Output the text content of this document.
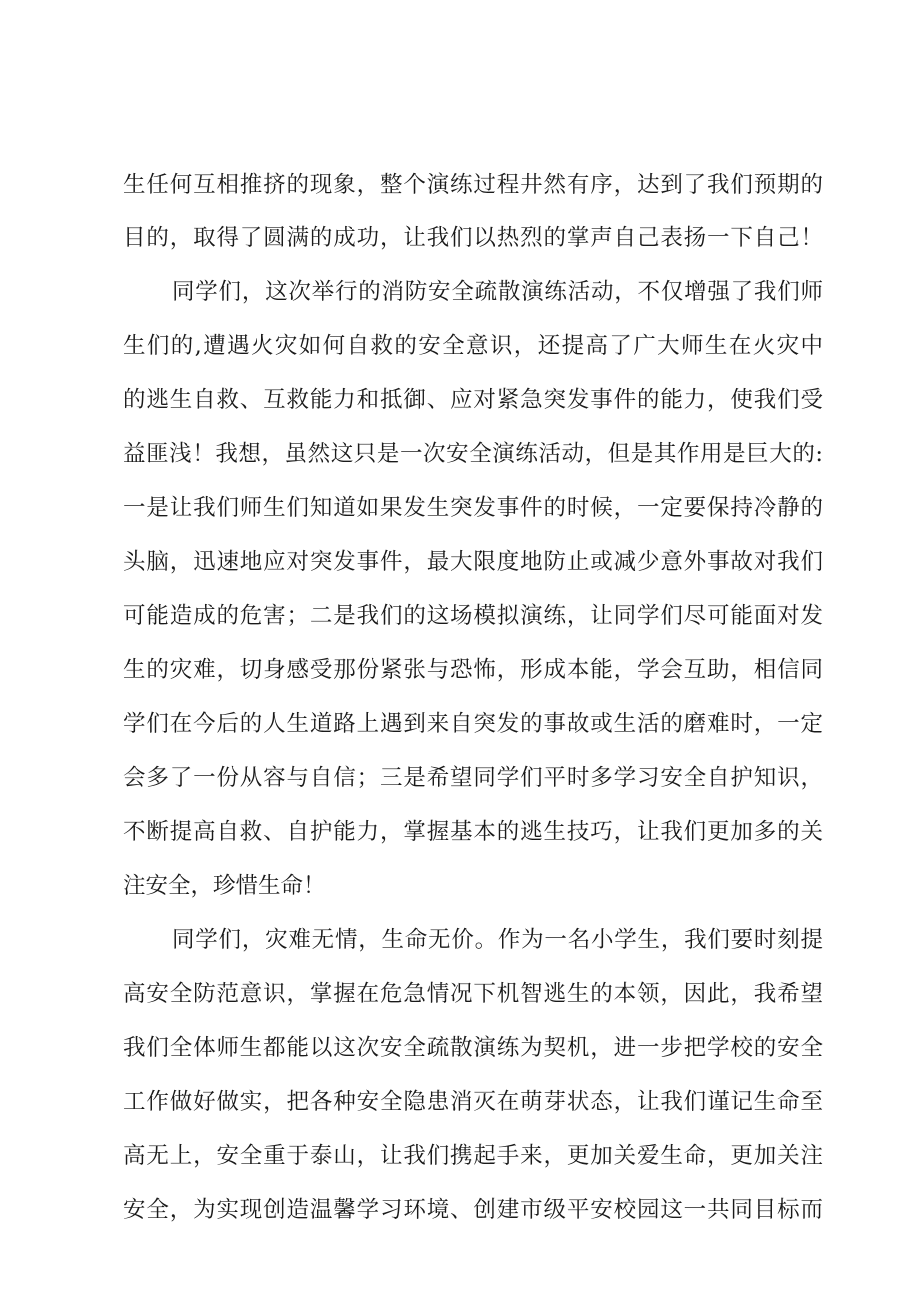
生任何互相推挤的现象，整个演练过程井然有序，达到了我们预期的
目的，取得了圆满的成功，让我们以热烈的掌声自己表扬一下自己！
同学们，这次举行的消防安全疏散演练活动，不仅增强了我们师
生们的,遭遇火灾如何自救的安全意识，还提高了广大师生在火灾中
的逃生自救、互救能力和抵御、应对紧急突发事件的能力，使我们受
益匪浅！我想，虽然这只是一次安全演练活动，但是其作用是巨大的:
一是让我们师生们知道如果发生突发事件的时候，一定要保持冷静的
头脑，迅速地应对突发事件，最大限度地防止或减少意外事故对我们
可能造成的危害；二是我们的这场模拟演练，让同学们尽可能面对发
生的灾难，切身感受那份紧张与恐怖，形成本能，学会互助，相信同
学们在今后的人生道路上遇到来自突发的事故或生活的磨难时，一定
会多了一份从容与自信；三是希望同学们平时多学习安全自护知识，
不断提高自救、自护能力，掌握基本的逃生技巧，让我们更加多的关
注安全，珍惜生命！
同学们，灾难无情，生命无价。作为一名小学生，我们要时刻提
高安全防范意识，掌握在危急情况下机智逃生的本领，因此，我希望
我们全体师生都能以这次安全疏散演练为契机，进一步把学校的安全
工作做好做实，把各种安全隐患消灭在萌芽状态，让我们谨记生命至
高无上，安全重于泰山，让我们携起手来，更加关爱生命，更加关注
安全，为实现创造温馨学习环境、创建市级平安校园这一共同目标而
